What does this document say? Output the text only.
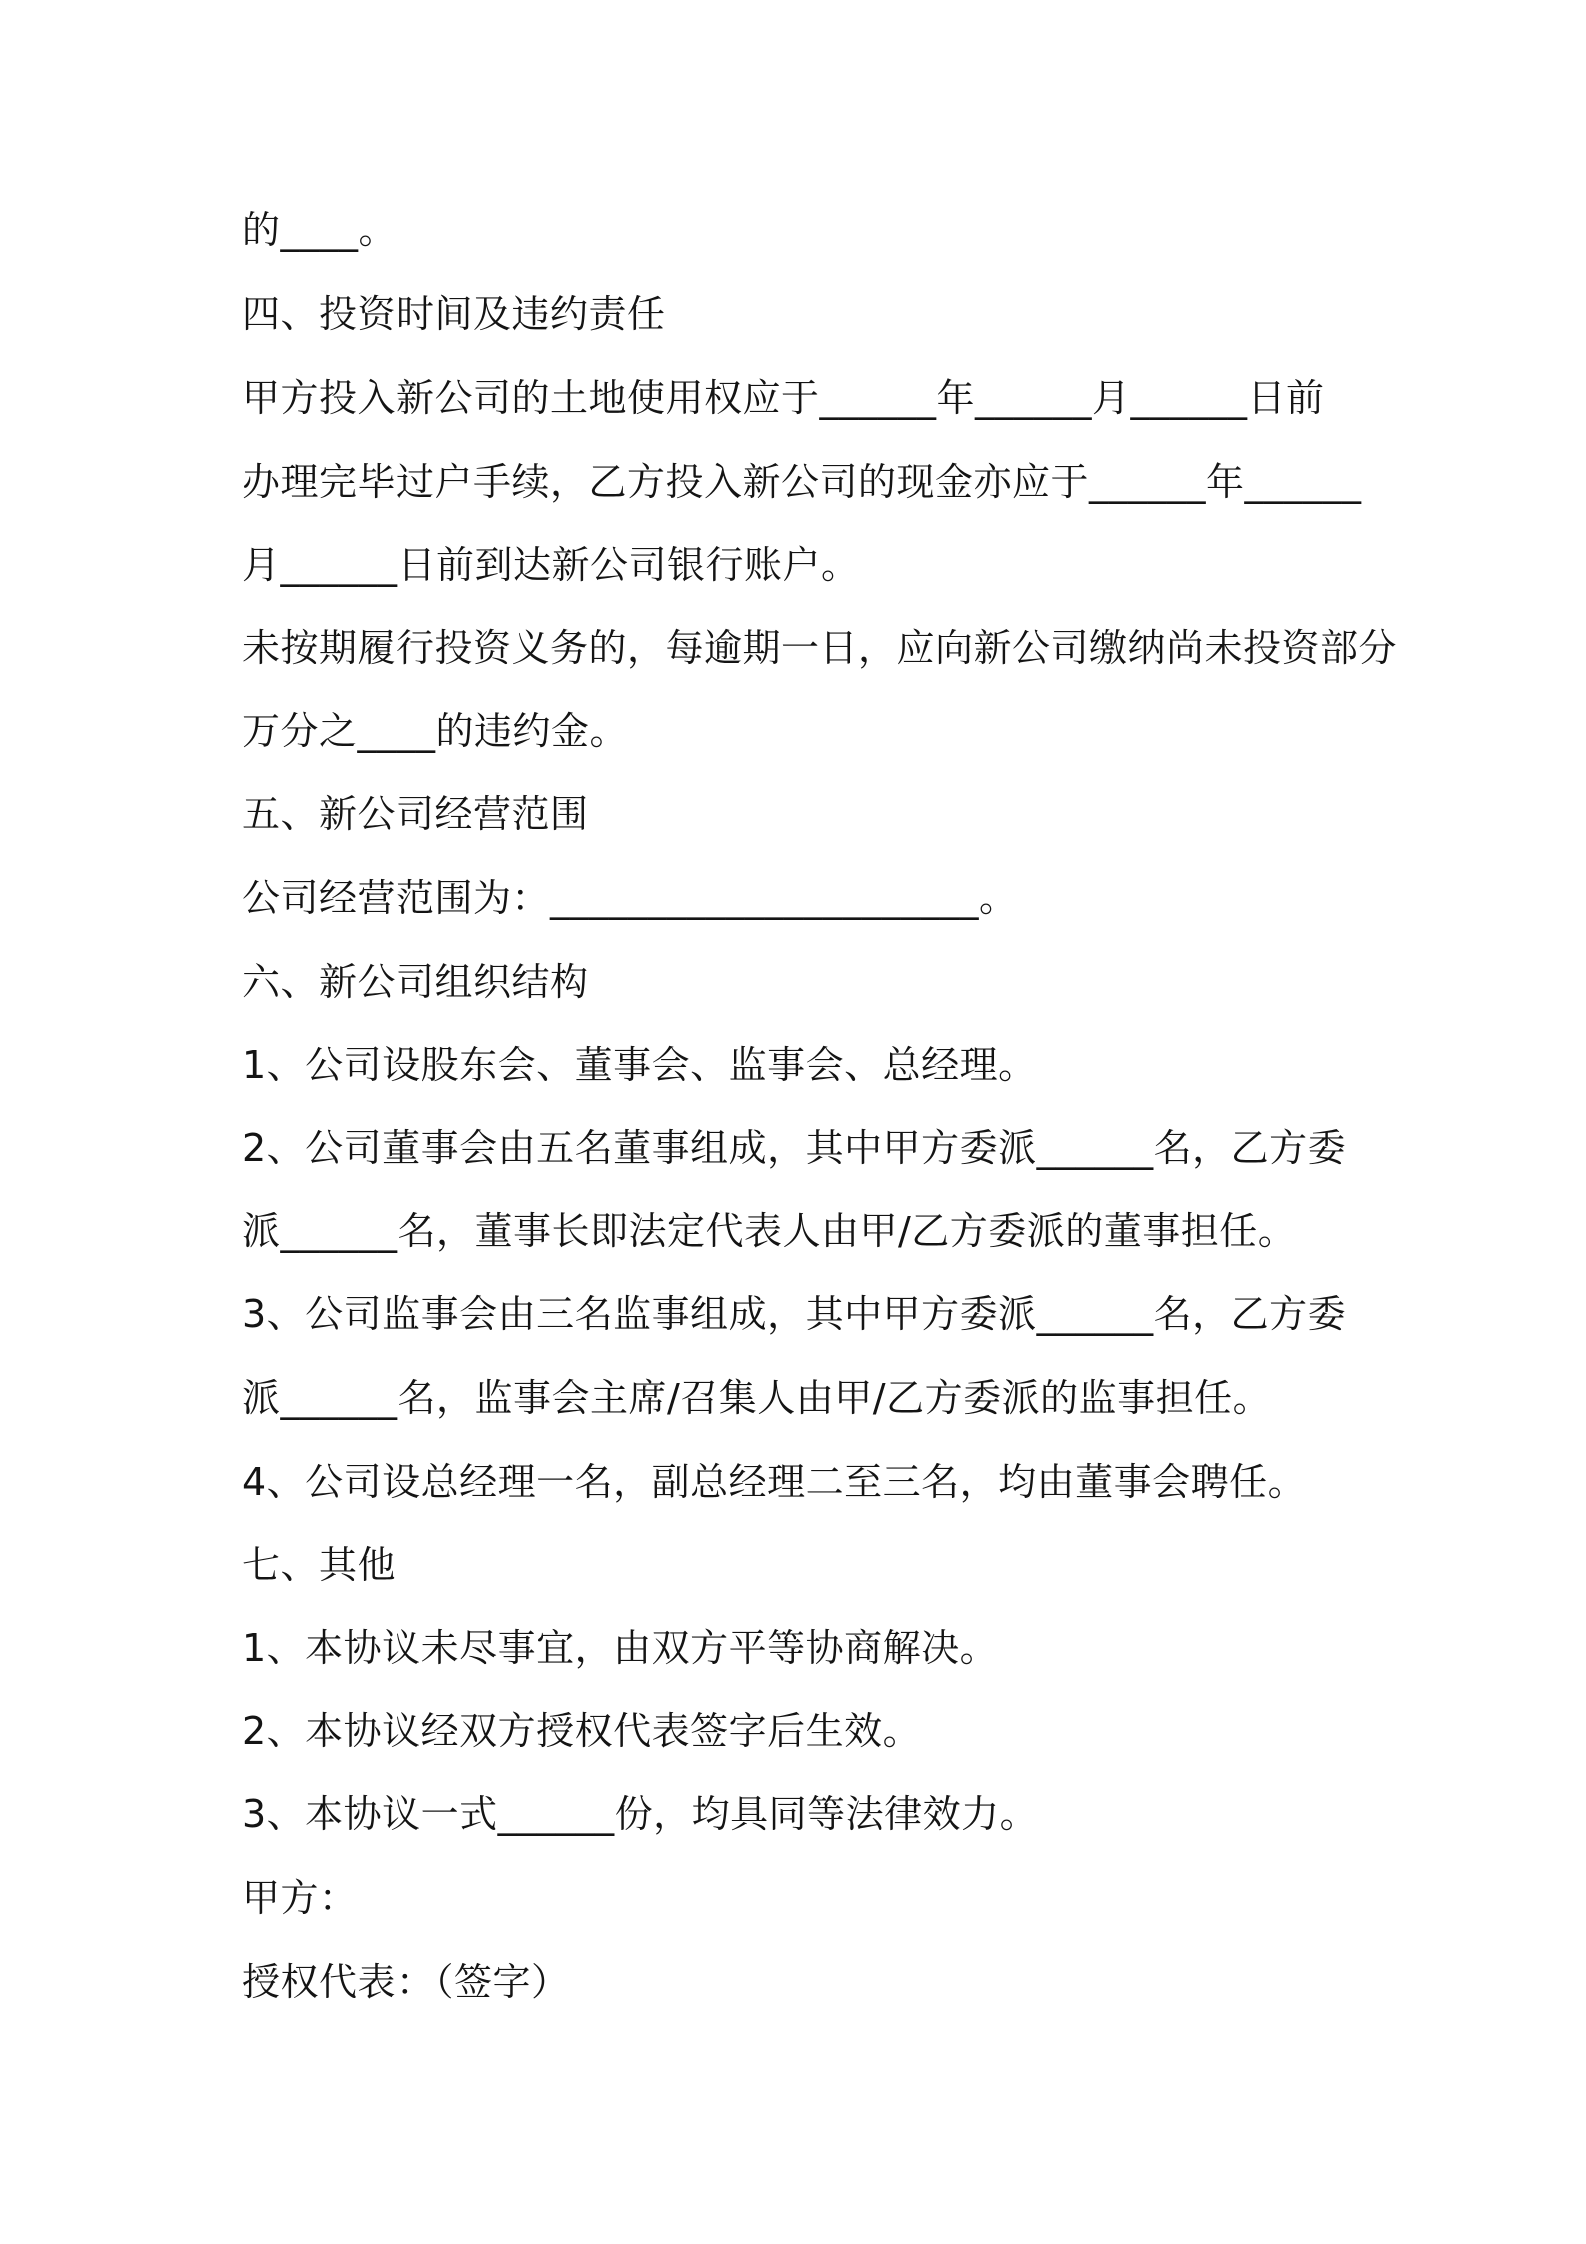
的____。

四、投资时间及违约责任

甲方投入新公司的土地使用权应于______年______月______日前

办理完毕过户手续，乙方投入新公司的现金亦应于______年______

月______日前到达新公司银行账户。

未按期履行投资义务的，每逾期一日，应向新公司缴纳尚未投资部分

万分之____的违约金。

五、新公司经营范围

公司经营范围为：______________________。

六、新公司组织结构

1、公司设股东会、董事会、监事会、总经理。

2、公司董事会由五名董事组成，其中甲方委派______名，乙方委

派______名，董事长即法定代表人由甲/乙方委派的董事担任。

3、公司监事会由三名监事组成，其中甲方委派______名，乙方委

派______名，监事会主席/召集人由甲/乙方委派的监事担任。

4、公司设总经理一名，副总经理二至三名，均由董事会聘任。

七、其他

1、本协议未尽事宜，由双方平等协商解决。

2、本协议经双方授权代表签字后生效。

3、本协议一式______份，均具同等法律效力。

甲方：

授权代表：（签字）
